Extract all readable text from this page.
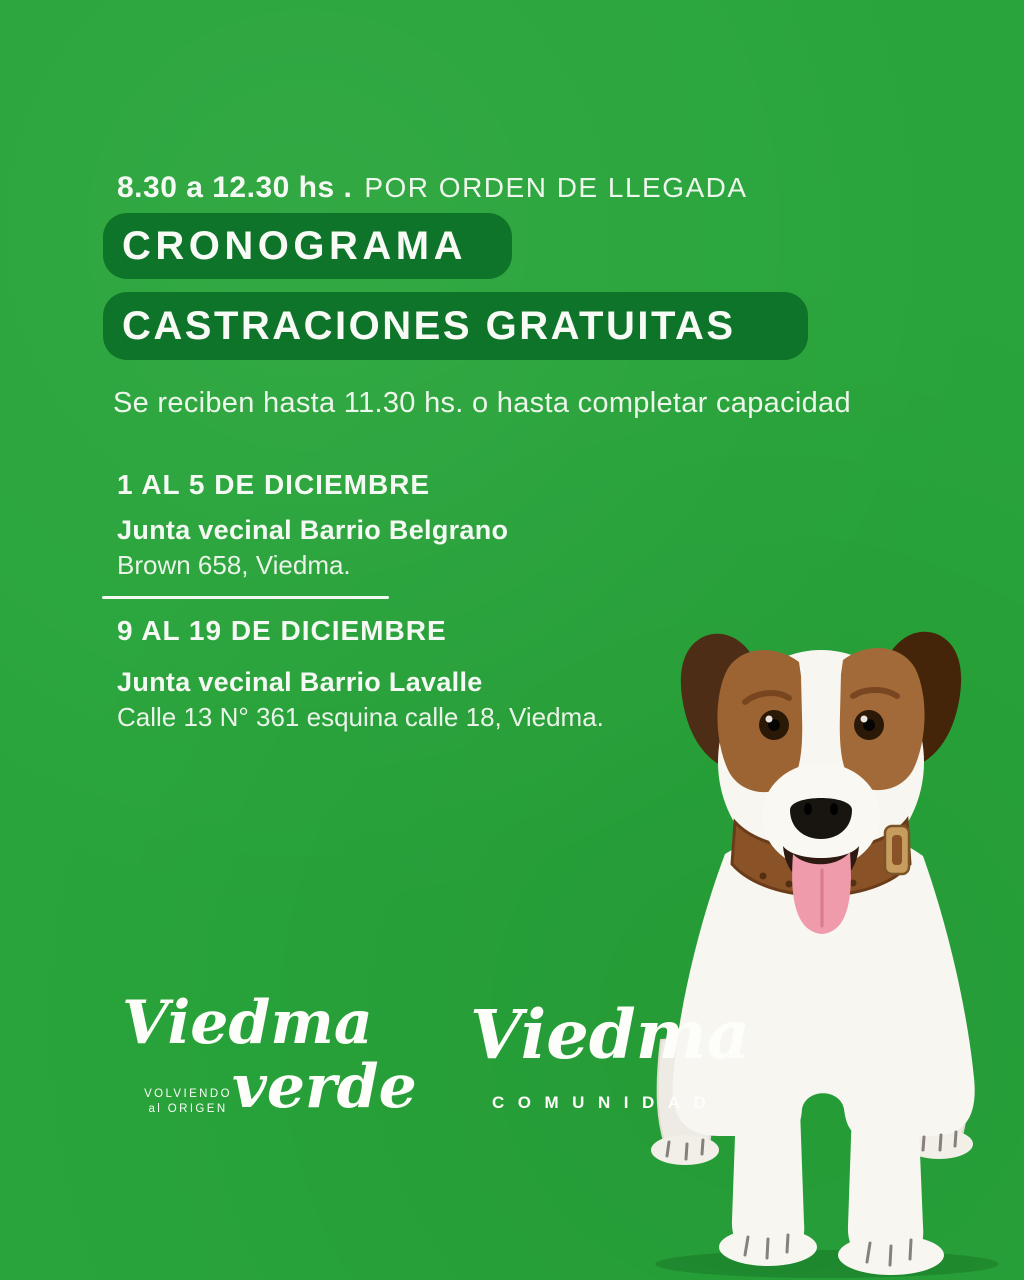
8.30 a 12.30 hs . POR ORDEN DE LLEGADA
CRONOGRAMA
CASTRACIONES GRATUITAS
Se reciben hasta 11.30 hs. o hasta completar capacidad
1 AL 5 DE DICIEMBRE
Junta vecinal Barrio Belgrano
Brown 658, Viedma.
9 AL 19 DE DICIEMBRE
Junta vecinal Barrio Lavalle
Calle 13 N° 361 esquina calle 18, Viedma.
Viedma
verde
VOLVIENDO
al ORIGEN
Viedma
COMUNIDAD
